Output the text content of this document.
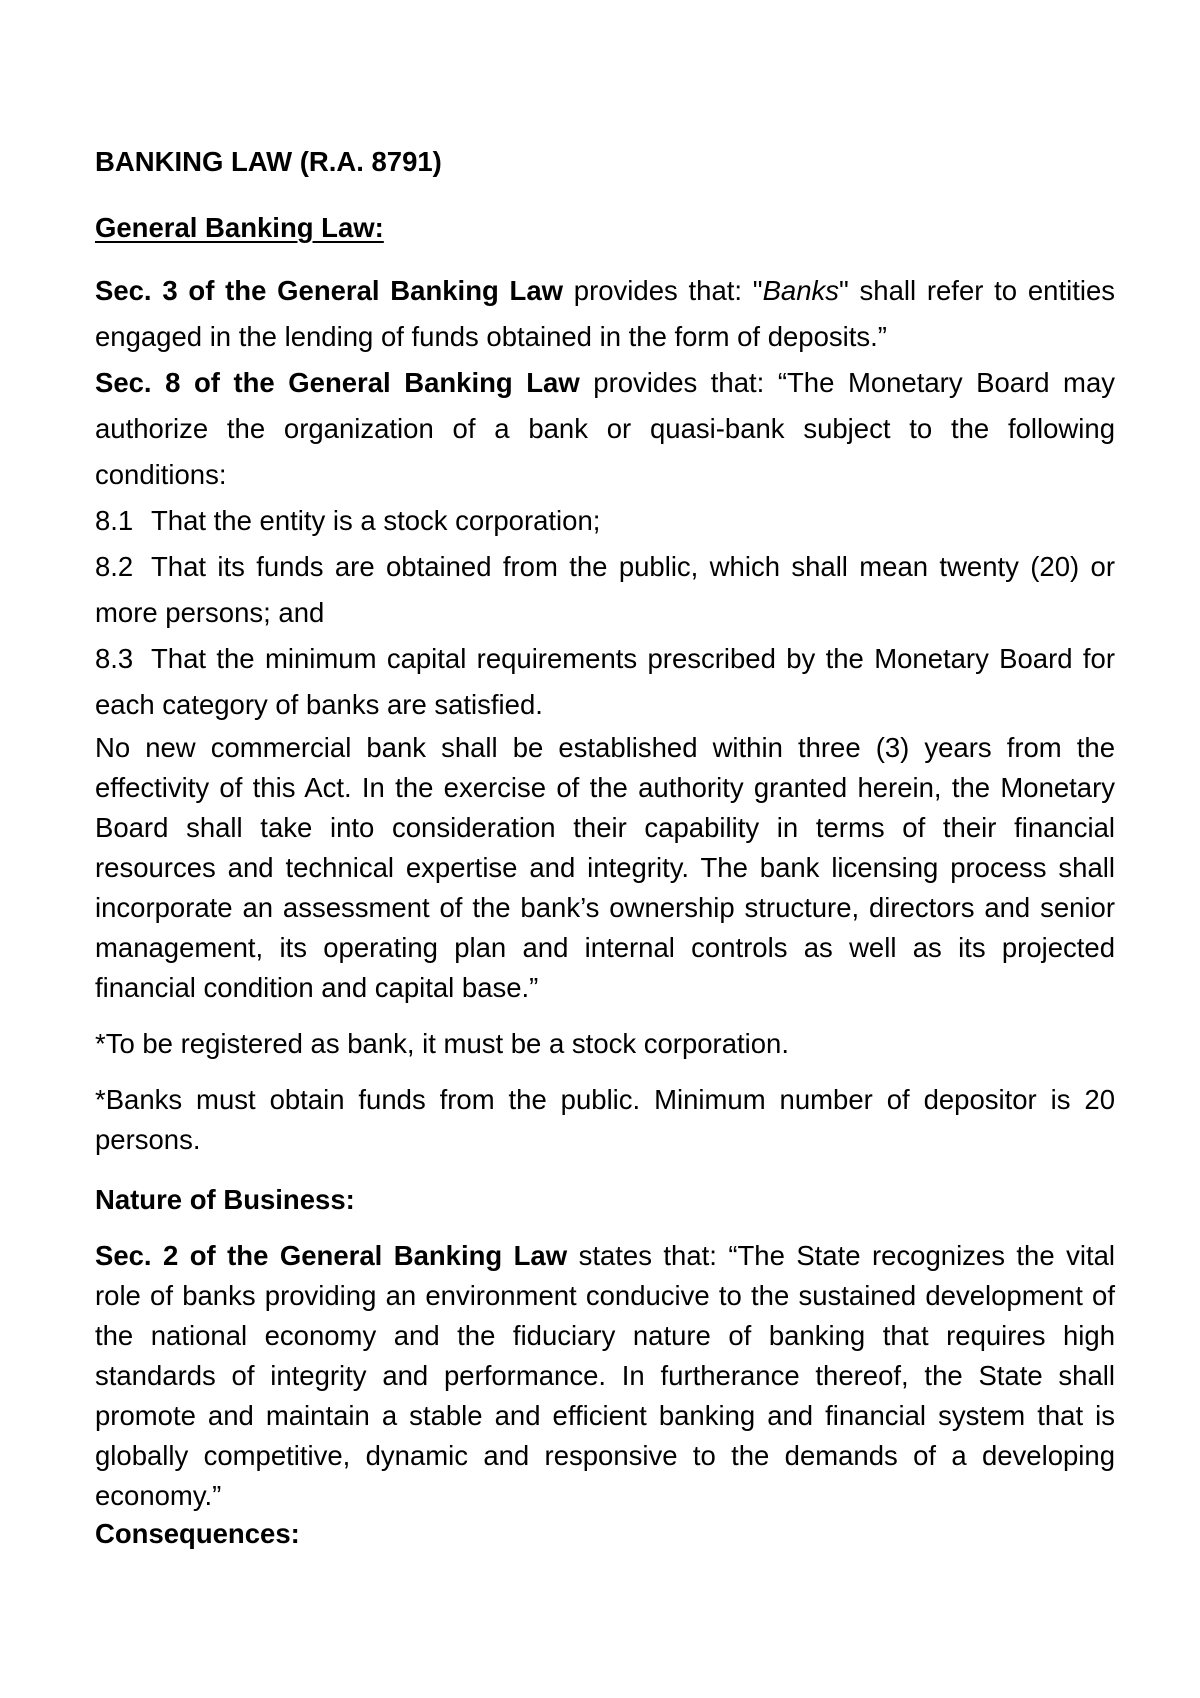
BANKING LAW (R.A. 8791)

General Banking Law:

Sec. 3 of the General Banking Law provides that: "Banks" shall refer to entities engaged in the lending of funds obtained in the form of deposits.”

Sec. 8 of the General Banking Law provides that: “The Monetary Board may authorize the organization of a bank or quasi-bank subject to the following conditions:

8.1 That the entity is a stock corporation;

8.2 That its funds are obtained from the public, which shall mean twenty (20) or more persons; and

8.3 That the minimum capital requirements prescribed by the Monetary Board for each category of banks are satisfied.

No new commercial bank shall be established within three (3) years from the effectivity of this Act. In the exercise of the authority granted herein, the Monetary Board shall take into consideration their capability in terms of their financial resources and technical expertise and integrity. The bank licensing process shall incorporate an assessment of the bank’s ownership structure, directors and senior management, its operating plan and internal controls as well as its projected financial condition and capital base.”

*To be registered as bank, it must be a stock corporation.

*Banks must obtain funds from the public. Minimum number of depositor is 20 persons.

Nature of Business:

Sec. 2 of the General Banking Law states that: “The State recognizes the vital role of banks providing an environment conducive to the sustained development of the national economy and the fiduciary nature of banking that requires high standards of integrity and performance. In furtherance thereof, the State shall promote and maintain a stable and efficient banking and financial system that is globally competitive, dynamic and responsive to the demands of a developing economy.”

Consequences:
